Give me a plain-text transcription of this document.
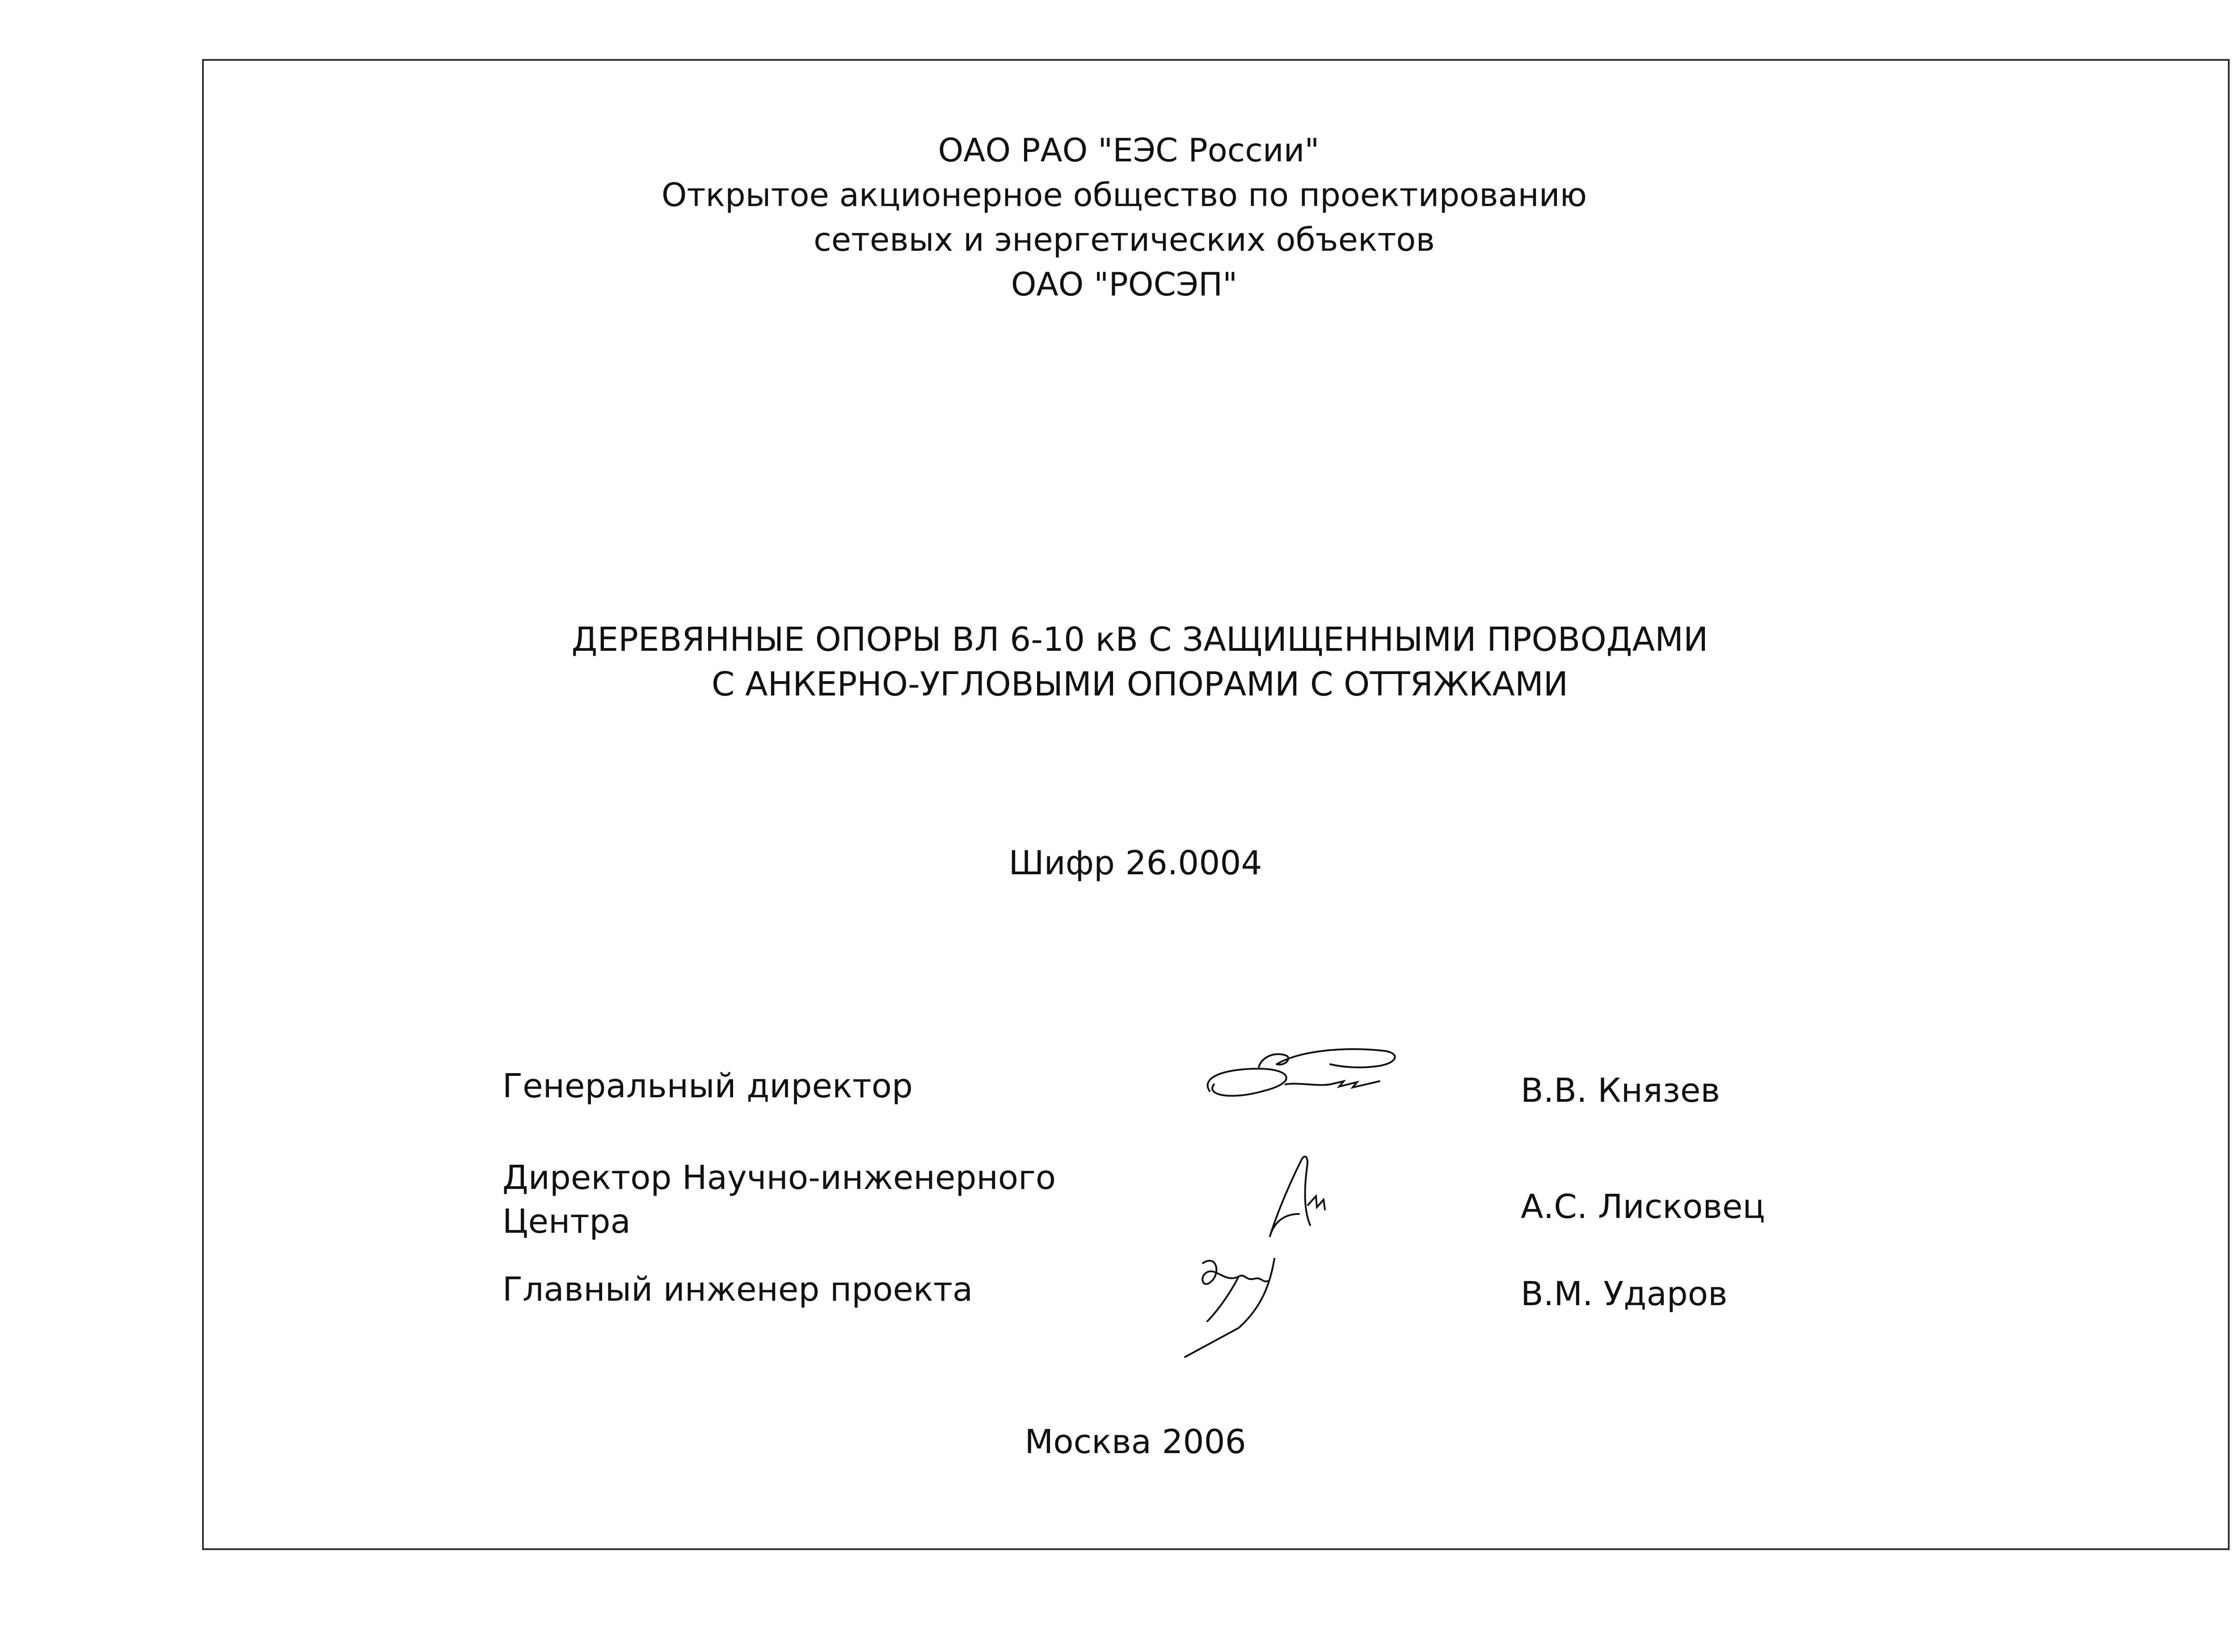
ОАО РАО "ЕЭС России"
Открытое акционерное общество по проектированию
сетевых и энергетических объектов
ОАО "РОСЭП"
ДЕРЕВЯННЫЕ ОПОРЫ ВЛ 6-10 кВ С ЗАЩИЩЕННЫМИ ПРОВОДАМИ
С АНКЕРНО-УГЛОВЫМИ ОПОРАМИ С ОТТЯЖКАМИ
Шифр 26.0004
Генеральный директор	В.В. Князев
Директор Научно-инженерного
Центра	А.С. Лисковец
Главный инженер проекта	В.М. Ударов
Москва 2006
